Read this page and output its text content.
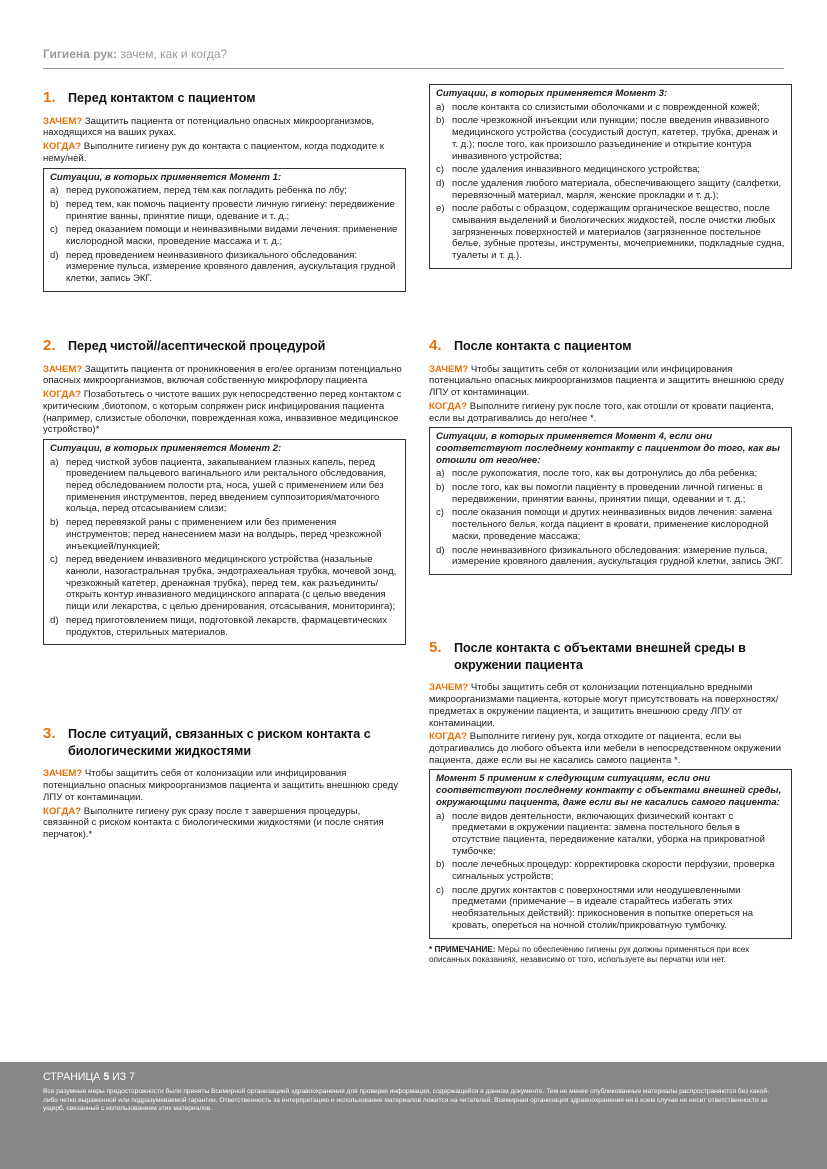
Гигиена рук: зачем, как и когда?
1. Перед контактом с пациентом
ЗАЧЕМ? Защитить пациента от потенциально опасных микроорганизмов, находящихся на ваших руках.
КОГДА? Выполните гигиену рук до контакта с пациентом, когда подходите к нему/ней.
Ситуации, в которых применяется Момент 1:
a) перед рукопожатием, перед тем как погладить ребенка по лбу;
b) перед тем, как помочь пациенту провести личную гигиену: передвижение принятие ванны, принятие пищи, одевание и т. д.;
c) перед оказанием помощи и неинвазивными видами лечения: применение кислородной маски, проведение массажа и т. д.;
d) перед проведением неинвазивного физикального обследования: измерение пульса, измерение кровяного давления, аускультация грудной клетки, запись ЭКГ.
2. Перед чистой//асептической процедурой
ЗАЧЕМ? Защитить пациента от проникновения в его/ее организм потенциально опасных микроорганизмов, включая собственную микрофлору пациента
КОГДА? Позаботьтесь о чистоте ваших рук непосредственно перед контактом с критическим ,биотопом, с которым сопряжен риск инфицирования пациента (например, слизистые оболочки, поврежденная кожа, инвазивное медицинское устройство)*
Ситуации, в которых применяется Момент 2:
a) перед чисткой зубов пациента, закапыванием глазных капель, перед проведением пальцевого вагинального или ректального обследования, перед обследованием полости рта, носа, ушей с применением или без применения инструментов, перед введением суппозитория/маточного кольца, перед отсасыванием слизи;
b) перед перевязкой раны с применением или без применения инструментов; перед нанесением мази на волдырь, перед чрезкожной инъекцией/пункцией;
c) перед введением инвазивного медицинского устройства (назальные канюли, назогастральная трубка, эндотрахеальная трубка, мочевой зонд, чрезкожный катетер, дренажная трубка), перед тем, как разъединить/открыть контур инвазивного медицинского аппарата (с целью введения пищи или лекарства, с целью дренирования, отсасывания, мониторинга);
d) перед приготовлением пищи, подготовкой лекарств, фармацевтических продуктов, стерильных материалов.
3. После ситуаций, связанных с риском контакта с биологическими жидкостями
ЗАЧЕМ? Чтобы защитить себя от колонизации или инфицирования потенциально опасных микроорганизмов пациента и защитить внешнюю среду ЛПУ от контаминации.
КОГДА? Выполните гигиену рук сразу после т завершения процедуры, связанной с риском контакта с биологическими жидкостями (и после снятия перчаток).*
Ситуации, в которых применяется Момент 3:
a) после контакта со слизистыми оболочками и с поврежденной кожей;
b) после чрезкожной инъекции или пункции; после введения инвазивного медицинского устройства (сосудистый доступ, катетер, трубка, дренаж и т. д.); после того, как произошло разъединение и открытие контура инвазивного устройства;
c) после удаления инвазивного медицинского устройства;
d) после удаления любого материала, обеспечивающего защиту (салфетки, перевязочный материал, марля, женские прокладки и т. д.);
e) после работы с образцом, содержащим органическое вещество, после смывания выделений и биологических жидкостей, после очистки любых загрязненных поверхностей и материалов (загрязненное постельное белье, зубные протезы, инструменты, мочеприемники, подкладные судна, туалеты и т. д.).
4. После контакта с пациентом
ЗАЧЕМ? Чтобы защитить себя от колонизации или инфицирования потенциально опасных микроорганизмов пациента и защитить внешнюю среду ЛПУ от контаминации.
КОГДА? Выполните гигиену рук после того, как отошли от кровати пациента, если вы дотрагивались до него/нее *.
Ситуации, в которых применяется Момент 4, если они соответствуют последнему контакту с пациентом до того, как вы отошли от него/нее:
a) после рукопожатия, после того, как вы дотронулись до лба ребенка;
b) после того, как вы помогли пациенту в проведении личной гигиены: в передвижении, принятии ванны, принятии пищи, одевании и т. д.;
c) после оказания помощи и других неинвазивных видов лечения: замена постельного белья, когда пациент в кровати, применение кислородной маски, проведение массажа;
d) после неинвазивного физикального обследования: измерение пульса, измерение кровяного давления, аускультация грудной клетки, запись ЭКГ.
5. После контакта с объектами внешней среды в окружении пациента
ЗАЧЕМ? Чтобы защитить себя от колонизации потенциально вредными микроорганизмами пациента, которые могут присутствовать на поверхностях/предметах в окружении пациента, и защитить внешнюю среду ЛПУ от контаминации.
КОГДА? Выполните гигиену рук, когда отходите от пациента, если вы дотрагивались до любого объекта или мебели в непосредственном окружении пациента, даже если вы не касались самого пациента *.
Момент 5 применим к следующим ситуациям, если они соответствуют последнему контакту с объектами внешней среды, окружающими пациента, даже если вы не касались самого пациента:
a) после видов деятельности, включающих физический контакт с предметами в окружении пациента: замена постельного белья в отсутствие пациента, передвижение каталки, уборка на прикроватной тумбочке;
b) после лечебных процедур: корректировка скорости перфузии, проверка сигнальных устройств;
c) после других контактов с поверхностями или неодушевленными предметами (примечание – в идеале старайтесь избегать этих необязательных действий): прикосновения в попытке опереться на кровать, опереться на ночной столик/прикроватную тумбочку.
* ПРИМЕЧАНИЕ: Меры по обеспечению гигиены рук должны применяться при всех описанных показаниях, независимо от того, используете вы перчатки или нет.
СТРАНИЦА 5 ИЗ 7
Все разумные меры предосторожности были приняты Всемирной организацией здравоохранения для проверки информации, содержащейся в данном документе. Тем не менее опубликованные материалы распространяются без какой-либо четко выраженной или подразумеваемой гарантии. Ответственность за интерпретацию и использование материалов ложится на читателей. Всемирная организация здравоохранения ни в коем случае не несет ответственности за ущерб, связанный с использованием этих материалов.
